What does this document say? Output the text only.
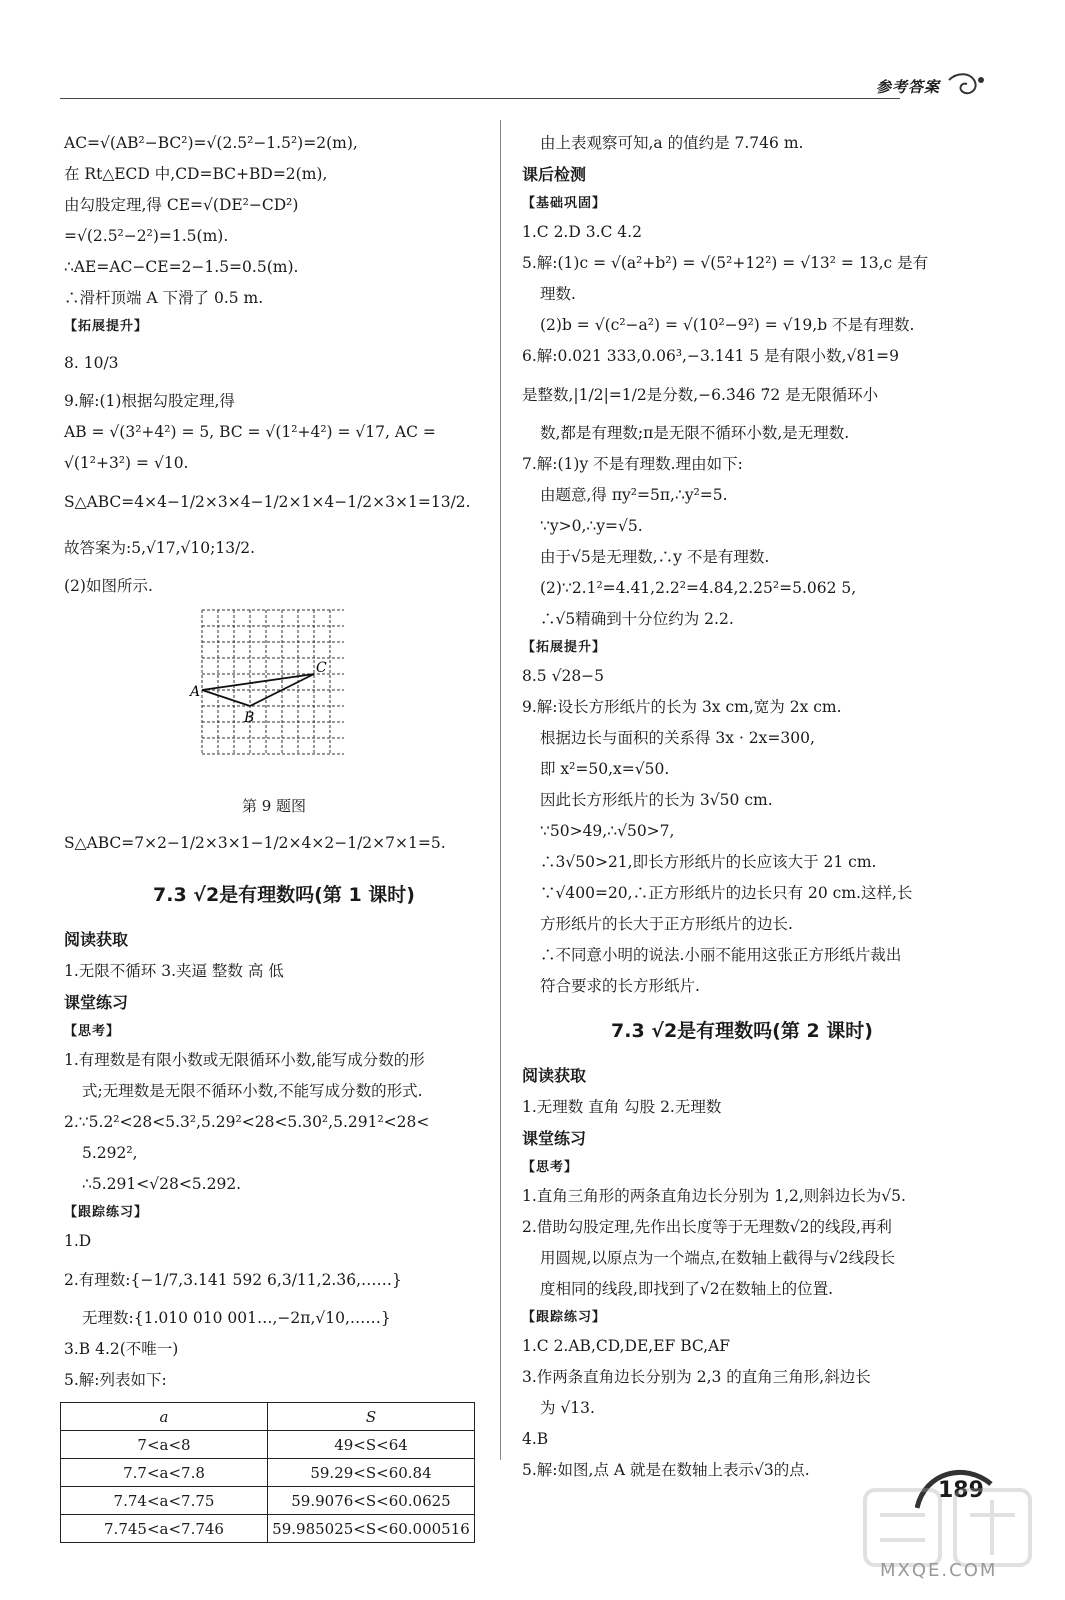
参考答案
AC=√(AB²−BC²)=√(2.5²−1.5²)=2(m),
在 Rt△ECD 中,CD=BC+BD=2(m),
由勾股定理,得 CE=√(DE²−CD²)
=√(2.5²−2²)=1.5(m).
∴AE=AC−CE=2−1.5=0.5(m).
∴滑杆顶端 A 下滑了 0.5 m.
【拓展提升】
8. 10/3
9.解:(1)根据勾股定理,得
AB = √(3²+4²) = 5, BC = √(1²+4²) = √17, AC =
√(1²+3²) = √10.
S△ABC=4×4−1/2×3×4−1/2×1×4−1/2×3×1=13/2.
故答案为:5,√17,√10;13/2.
(2)如图所示.
A
B
C
第 9 题图
S△ABC=7×2−1/2×3×1−1/2×4×2−1/2×7×1=5.
7.3 √2是有理数吗(第 1 课时)
阅读获取
1.无限不循环 3.夹逼 整数 高 低
课堂练习
【思考】
1.有理数是有限小数或无限循环小数,能写成分数的形
式;无理数是无限不循环小数,不能写成分数的形式.
2.∵5.2²<28<5.3²,5.29²<28<5.30²,5.291²<28<
5.292²,
∴5.291<√28<5.292.
【跟踪练习】
1.D
2.有理数:{−1/7,3.141 592 6,3/11,2.3̇6̇,……}
无理数:{1.010 010 001…,−2π,√10,……}
3.B 4.2(不唯一)
5.解:列表如下:
a	S
7<a<8	49<S<64
7.7<a<7.8	59.29<S<60.84
7.74<a<7.75	59.9076<S<60.0625
7.745<a<7.746	59.985025<S<60.000516
由上表观察可知,a 的值约是 7.746 m.
课后检测
【基础巩固】
1.C 2.D 3.C 4.2
5.解:(1)c = √(a²+b²) = √(5²+12²) = √13² = 13,c 是有
理数.
(2)b = √(c²−a²) = √(10²−9²) = √19,b 不是有理数.
6.解:0.021 333,0.06³,−3.141 5 是有限小数,√81=9
是整数,|1/2|=1/2是分数,−6.3̇46 7̇2 是无限循环小
数,都是有理数;π是无限不循环小数,是无理数.
7.解:(1)y 不是有理数.理由如下:
由题意,得 πy²=5π,∴y²=5.
∵y>0,∴y=√5.
由于√5是无理数,∴y 不是有理数.
(2)∵2.1²=4.41,2.2²=4.84,2.25²=5.062 5,
∴√5精确到十分位约为 2.2.
【拓展提升】
8.5 √28−5
9.解:设长方形纸片的长为 3x cm,宽为 2x cm.
根据边长与面积的关系得 3x · 2x=300,
即 x²=50,x=√50.
因此长方形纸片的长为 3√50 cm.
∵50>49,∴√50>7,
∴3√50>21,即长方形纸片的长应该大于 21 cm.
∵√400=20,∴正方形纸片的边长只有 20 cm.这样,长
方形纸片的长大于正方形纸片的边长.
∴不同意小明的说法.小丽不能用这张正方形纸片裁出
符合要求的长方形纸片.
7.3 √2是有理数吗(第 2 课时)
阅读获取
1.无理数 直角 勾股 2.无理数
课堂练习
【思考】
1.直角三角形的两条直角边长分别为 1,2,则斜边长为√5.
2.借助勾股定理,先作出长度等于无理数√2的线段,再利
用圆规,以原点为一个端点,在数轴上截得与√2线段长
度相同的线段,即找到了√2在数轴上的位置.
【跟踪练习】
1.C 2.AB,CD,DE,EF BC,AF
3.作两条直角边长分别为 2,3 的直角三角形,斜边长
为 √13.
4.B
5.解:如图,点 A 就是在数轴上表示√3的点.
189
MXQE.COM
